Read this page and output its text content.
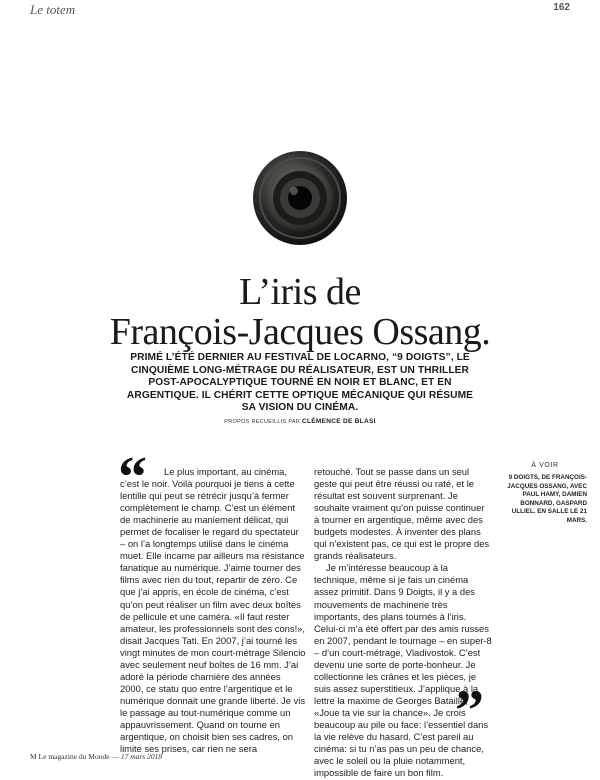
Le totem	162
L’iris de
François-Jacques Ossang.
PRIMÉ L’ÉTÉ DERNIER AU FESTIVAL DE LOCARNO, “9 DOIGTS”, LE CINQUIÈME LONG-MÉTRAGE DU RÉALISATEUR, EST UN THRILLER POST-APOCALYPTIQUE TOURNÉ EN NOIR ET BLANC, ET EN ARGENTIQUE. IL CHÉRIT CETTE OPTIQUE MÉCANIQUE QUI RÉSUME SA VISION DU CINÉMA.
PROPOS RECUEILLIS PAR CLÉMENCE DE BLASI
“	Le plus important, au cinéma, c’est le noir. Voilà pourquoi je tiens à cette lentille qui peut se rétrécir jusqu’à fermer complètement le champ. C’est un élément de machinerie au maniement délicat, qui permet de focaliser le regard du spectateur – on l’a longtemps utilisé dans le cinéma muet. Elle incarne par ailleurs ma résistance fanatique au numérique. J’aime tourner des films avec rien du tout, repartir de zéro. Ce que j’ai appris, en école de cinéma, c’est qu’on peut réaliser un film avec deux boîtes de pellicule et une caméra. «Il faut rester amateur, les professionnels sont des cons!», disait Jacques Tati. En 2007, j’ai tourné les vingt minutes de mon court-métrage Silencio avec seulement neuf boîtes de 16 mm. J’ai adoré la période charnière des années 2000, ce statu quo entre l’argentique et le numérique donnait une grande liberté. Je vis le passage au tout-numérique comme un appauvrissement. Quand on tourne en argentique, on choisit bien ses cadres, on limite ses prises, car rien ne sera

retouché. Tout se passe dans un seul geste qui peut être réussi ou raté, et le résultat est souvent surprenant. Je souhaite vraiment qu’on puisse continuer à tourner en argentique, même avec des budgets modestes. À inventer des plans qui n’existent pas, ce qui est le propre des grands réalisateurs.

Je m’intéresse beaucoup à la technique, même si je fais un cinéma assez primitif. Dans 9 Doigts, il y a des mouvements de machinerie très importants, des plans tournés à l’iris. Celui-ci m’a été offert par des amis russes en 2007, pendant le tournage – en super-8 – d’un court-métrage, Vladivostok. C’est devenu une sorte de porte-bonheur. Je collectionne les crânes et les pièces, je suis assez superstitieux. J’applique à la lettre la maxime de Georges Bataille, «Joue ta vie sur la chance». Je crois beaucoup au pile ou face: l’essentiel dans la vie relève du hasard. C’est pareil au cinéma: si tu n’as pas un peu de chance, avec le soleil ou la pluie notamment, impossible de faire un bon film.

”
À VOIR
9 DOIGTS, DE FRANÇOIS-JACQUES OSSANG, AVEC PAUL HAMY, DAMIEN BONNARD, GASPARD ULLIEL. EN SALLE LE 21 MARS.
M Le magazine du Monde — 17 mars 2018
